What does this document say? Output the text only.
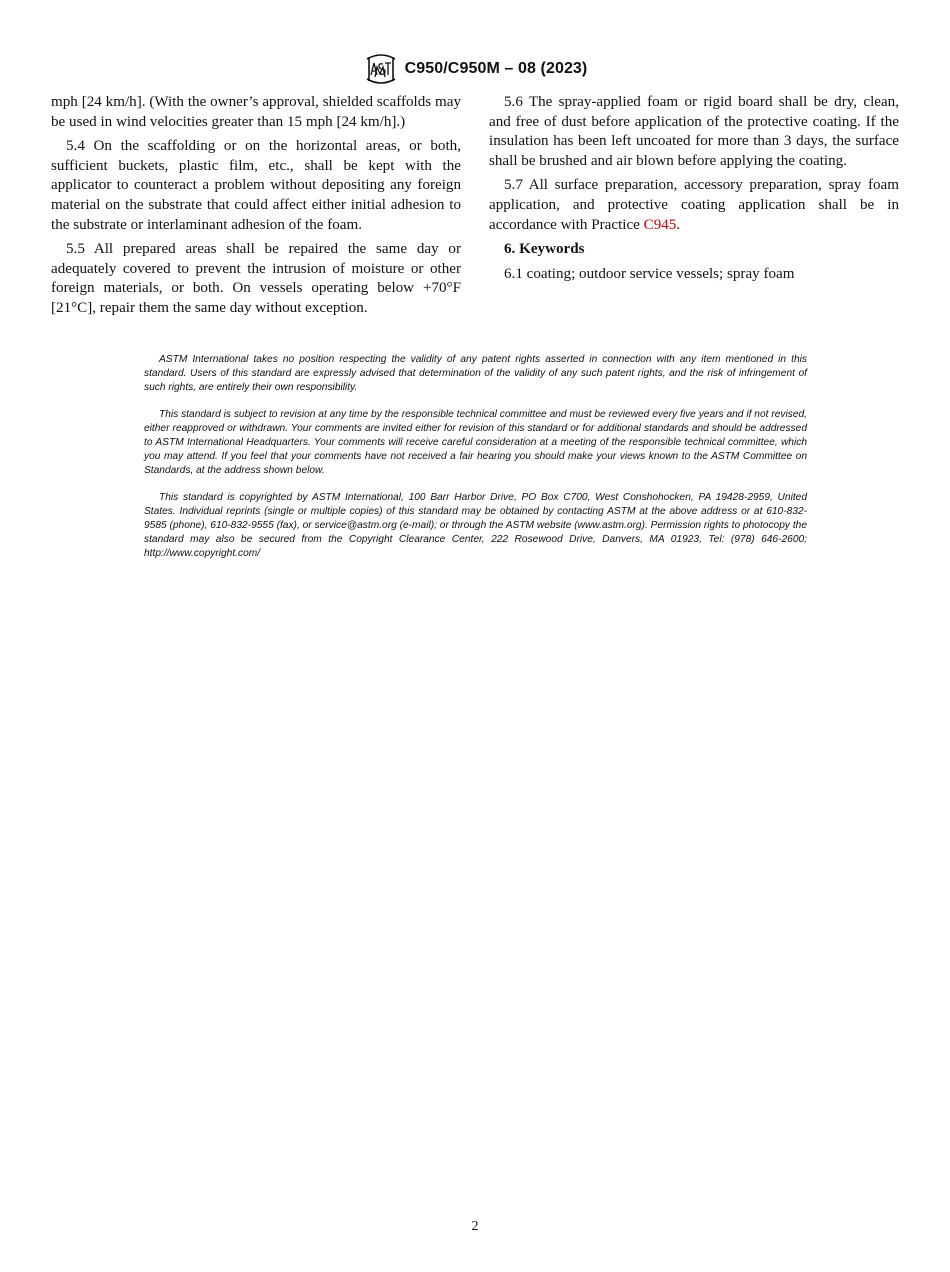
C950/C950M – 08 (2023)

mph [24 km/h]. (With the owner’s approval, shielded scaffolds may be used in wind velocities greater than 15 mph [24 km/h].)

5.4 On the scaffolding or on the horizontal areas, or both, sufficient buckets, plastic film, etc., shall be kept with the applicator to counteract a problem without depositing any foreign material on the substrate that could affect either initial adhesion to the substrate or interlaminant adhesion of the foam.

5.5 All prepared areas shall be repaired the same day or adequately covered to prevent the intrusion of moisture or other foreign materials, or both. On vessels operating below +70°F [21°C], repair them the same day without exception.

5.6 The spray-applied foam or rigid board shall be dry, clean, and free of dust before application of the protective coating. If the insulation has been left uncoated for more than 3 days, the surface shall be brushed and air blown before applying the coating.

5.7 All surface preparation, accessory preparation, spray foam application, and protective coating application shall be in accordance with Practice C945.

6. Keywords

6.1 coating; outdoor service vessels; spray foam

ASTM International takes no position respecting the validity of any patent rights asserted in connection with any item mentioned in this standard. Users of this standard are expressly advised that determination of the validity of any such patent rights, and the risk of infringement of such rights, are entirely their own responsibility.

This standard is subject to revision at any time by the responsible technical committee and must be reviewed every five years and if not revised, either reapproved or withdrawn. Your comments are invited either for revision of this standard or for additional standards and should be addressed to ASTM International Headquarters. Your comments will receive careful consideration at a meeting of the responsible technical committee, which you may attend. If you feel that your comments have not received a fair hearing you should make your views known to the ASTM Committee on Standards, at the address shown below.

This standard is copyrighted by ASTM International, 100 Barr Harbor Drive, PO Box C700, West Conshohocken, PA 19428-2959, United States. Individual reprints (single or multiple copies) of this standard may be obtained by contacting ASTM at the above address or at 610-832-9585 (phone), 610-832-9555 (fax), or service@astm.org (e-mail); or through the ASTM website (www.astm.org). Permission rights to photocopy the standard may also be secured from the Copyright Clearance Center, 222 Rosewood Drive, Danvers, MA 01923, Tel: (978) 646-2600; http://www.copyright.com/

2
